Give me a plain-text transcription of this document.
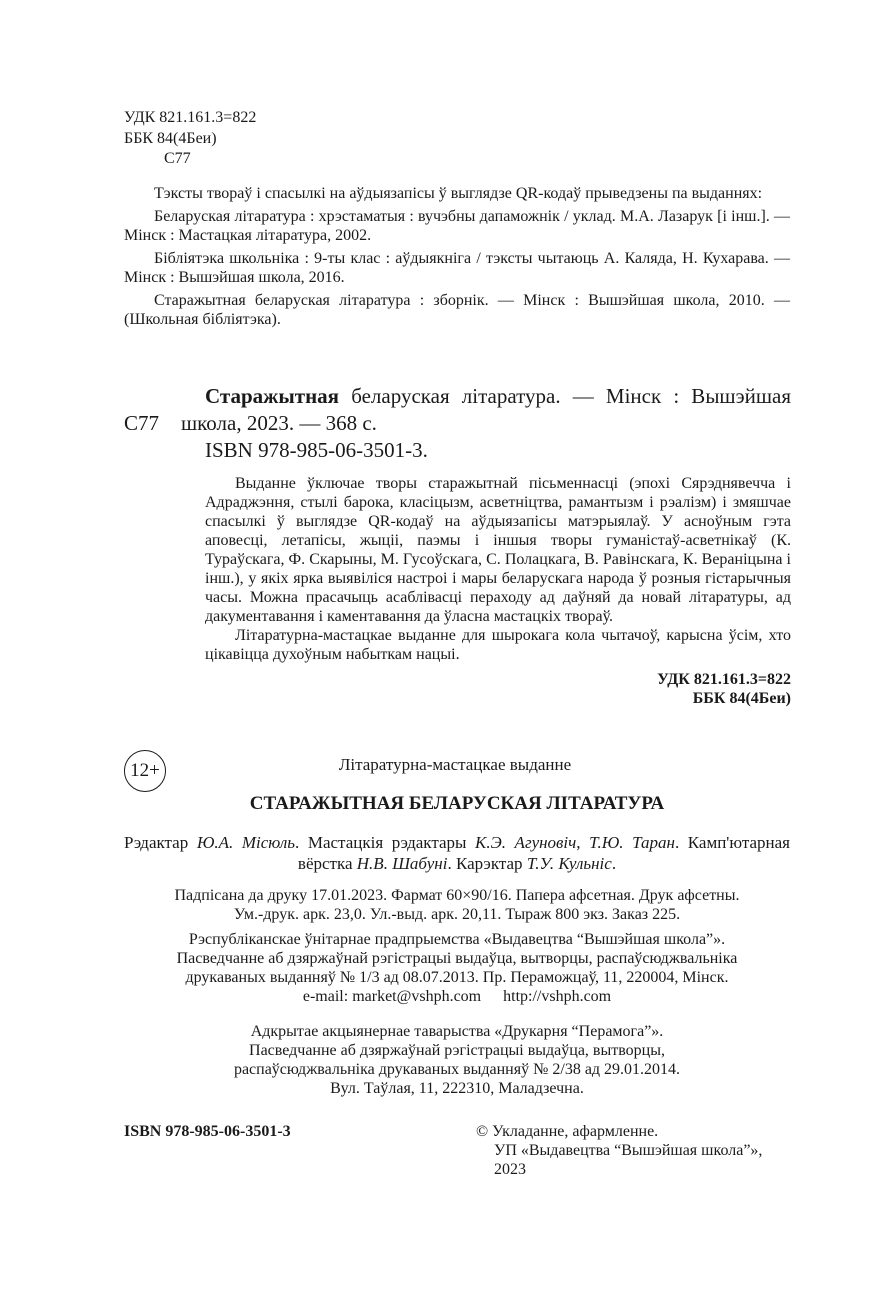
УДК 821.161.3=822
ББК 84(4Беи)
С77
Тэксты твораў і спасылкі на аўдыязапісы ў выглядзе QR-кодаў прыведзены па выданнях:
Беларуская літаратура : хрэстаматыя : вучэбны дапаможнік / уклад. М.А. Лазарук [і інш.]. — Мінск : Мастацкая літаратура, 2002.
Бібліятэка школьніка : 9-ты клас : аўдыякніга / тэксты чытаюць А. Каляда, Н. Кухарава. — Мінск : Вышэйшая школа, 2016.
Старажытная беларуская літаратура : зборнік. — Мінск : Вышэйшая школа, 2010. — (Школьная бібліятэка).
С77
Старажытная беларуская літаратура. — Мінск : Вышэйшая
школа, 2023. — 368 с.
ISBN 978-985-06-3501-3.
Выданне ўключае творы старажытнай пісьменнасці (эпохі Сярэднявечча і Адраджэння, стылі барока, класіцызм, асветніцтва, рамантызм і рэалізм) і змяшчае спасылкі ў выглядзе QR-кодаў на аўдыязапісы матэрыялаў. У асноўным гэта аповесці, летапісы, жыціі, паэмы і іншыя творы гуманістаў-асветнікаў (К. Тураўскага, Ф. Скарыны, М. Гусоўскага, С. Полацкага, В. Равінскага, К. Вераніцына і інш.), у якіх ярка выявіліся настроі і мары беларускага народа ў розныя гістарычныя часы. Можна прасачыць асаблівасці пераходу ад даўняй да новай літаратуры, ад дакументавання і каментавання да ўласна мастацкіх твораў.
Літаратурна-мастацкае выданне для шырокага кола чытачоў, карысна ўсім, хто цікавіцца духоўным набыткам нацыі.
УДК 821.161.3=822
ББК 84(4Беи)
12+	Літаратурна-мастацкае выданне
СТАРАЖЫТНАЯ БЕЛАРУСКАЯ ЛІТАРАТУРА
Рэдактар Ю.А. Місюль. Мастацкія рэдактары К.Э. Агуновіч, Т.Ю. Таран. Камп'ютарная
вёрстка Н.В. Шабуні. Карэктар Т.У. Кульніс.
Падпісана да друку 17.01.2023. Фармат 60×90/16. Папера афсетная. Друк афсетны.
Ум.-друк. арк. 23,0. Ул.-выд. арк. 20,11. Тыраж 800 экз. Заказ 225.
Рэспубліканскае ўнітарнае прадпрыемства «Выдавецтва “Вышэйшая школа”».
Пасведчанне аб дзяржаўнай рэгістрацыі выдаўца, вытворцы, распаўсюджвальніка
друкаваных выданняў № 1/3 ад 08.07.2013. Пр. Пераможцаў, 11, 220004, Мінск.
e-mail: market@vshph.com http://vshph.com
Адкрытае акцыянернае таварыства «Друкарня “Перамога”».
Пасведчанне аб дзяржаўнай рэгістрацыі выдаўца, вытворцы,
распаўсюджвальніка друкаваных выданняў № 2/38 ад 29.01.2014.
Вул. Таўлая, 11, 222310, Маладзечна.
ISBN 978-985-06-3501-3	© Укладанне, афармленне.
УП «Выдавецтва “Вышэйшая школа”»,
2023
